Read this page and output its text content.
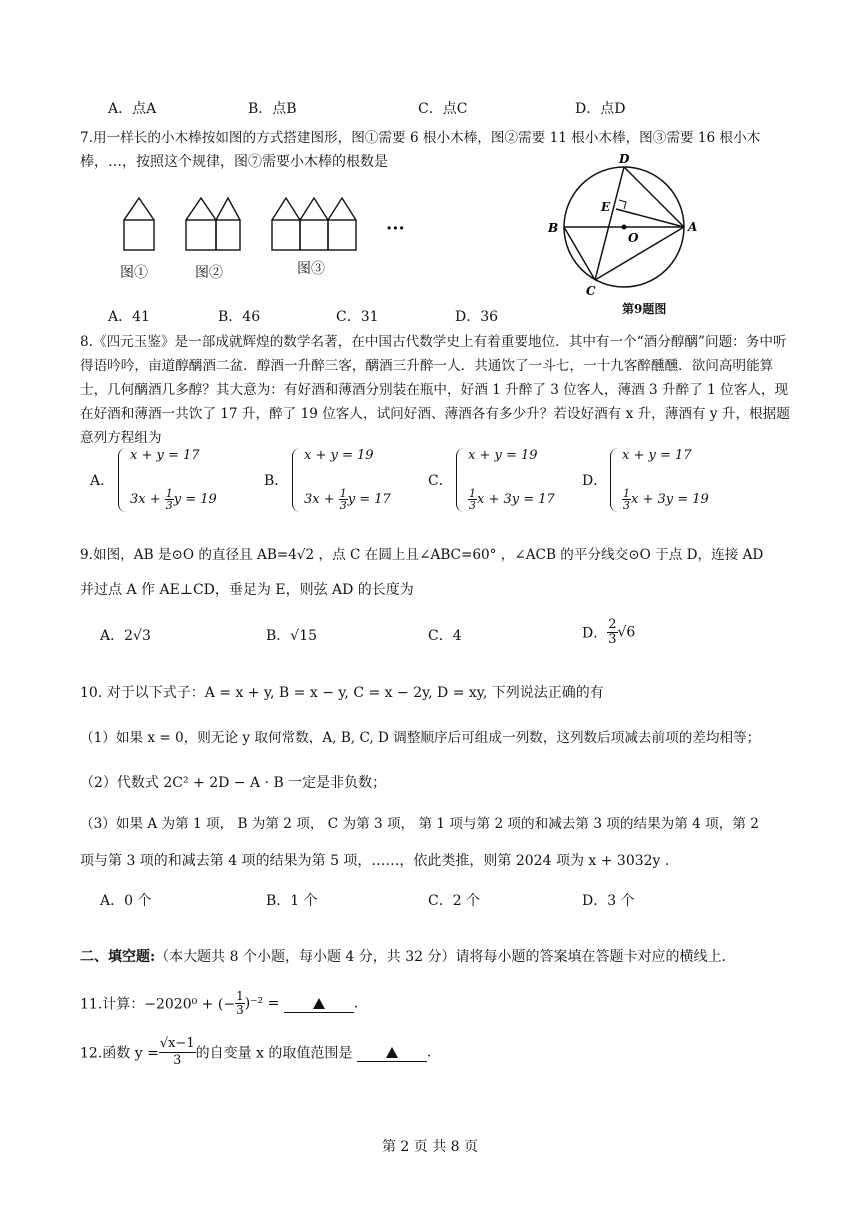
A．点A	B．点B	C．点C	D．点D
7.用一样长的小木棒按如图的方式搭建图形，图①需要 6 根小木棒，图②需要 11 根小木棒，图③需要 16 根小木
棒，…，按照这个规律，图⑦需要小木棒的根数是
···
图①	图②	图③
A．41	B．46	C．31	D．36
D
E
B
O
A
C
第9题图
8.《四元玉鉴》是一部成就辉煌的数学名著，在中国古代数学史上有着重要地位．其中有一个“酒分醇醨”问题：务中听得语吟吟，亩道醇醨酒二盆．醇酒一升醉三客，醨酒三升醉一人．共通饮了一斗七，一十九客醉醺醺．欲问高明能算士，几何醨酒几多醇？其大意为：有好酒和薄酒分别装在瓶中，好酒 1 升醉了 3 位客人，薄酒 3 升醉了 1 位客人，现在好酒和薄酒一共饮了 17 升，醉了 19 位客人，试问好酒、薄酒各有多少升？若设好酒有 x 升，薄酒有 y 升，根据题意列方程组为
A．
x + y = 17
$3x + \frac{1}{3}$ y = 19
B．
x + y = 19
$3x + \frac{1}{3}$ y = 17
C．
x + y = 19
$\frac{1}{3}$ x + 3y = 17
D．
x + y = 17
$\frac{1}{3}$ x + 3y = 19
9.如图，AB 是⊙O 的直径且 AB=4√2 ，点 C 在圆上且∠ABC=60° ，∠ACB 的平分线交⊙O 于点 D，连接 AD
并过点 A 作 AE⊥CD，垂足为 E，则弦 AD 的长度为
A．2√3	B．√15	C．4	D． $\frac{2}{3} √6$
10. 对于以下式子：A = x + y, B = x − y, C = x − 2y, D = xy, 下列说法正确的有
（1）如果 x = 0，则无论 y 取何常数，A, B, C, D 调整顺序后可组成一列数，这列数后项减去前项的差均相等；
（2）代数式 2C² + 2D − A · B 一定是非负数；
（3）如果 A 为第 1 项， B 为第 2 项， C 为第 3 项， 第 1 项与第 2 项的和减去第 3 项的结果为第 4 项，第 2
项与第 3 项的和减去第 4 项的结果为第 5 项，……，依此类推，则第 2024 项为 x + 3032y .
A．0 个	B．1 个	C．2 个	D．3 个
二、填空题:（本大题共 8 个小题，每小题 4 分，共 32 分）请将每小题的答案填在答题卡对应的横线上.
11.计算：−2020⁰ + (− $\frac{1}{3} )^{-2}$ =	.
12.函数 $y = \frac{√x-1}{3}$ 的自变量 x 的取值范围是	.
第 2 页 共 8 页
